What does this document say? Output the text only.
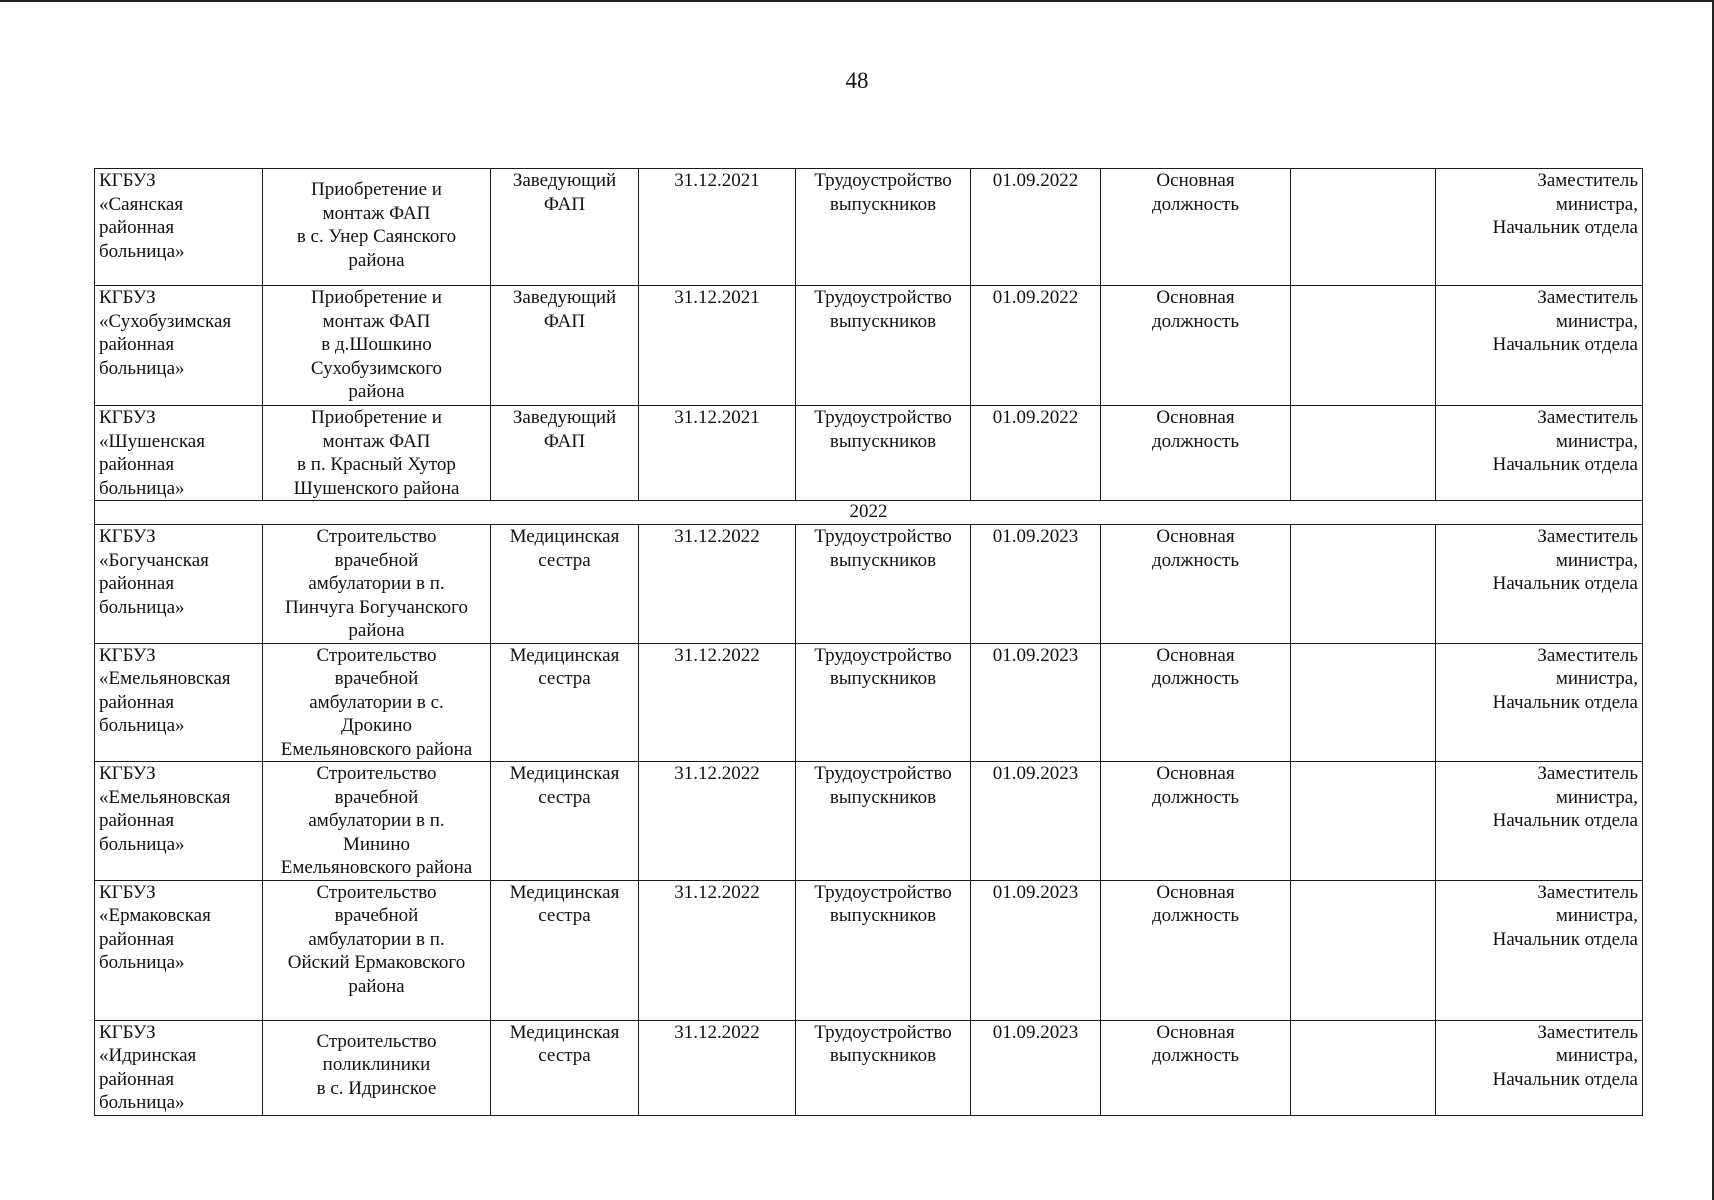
48
КГБУЗ
«Саянская
районная
больница»	Приобретение и
монтаж ФАП
в с. Унер Саянского
района	Заведующий
ФАП	31.12.2021	Трудоустройство
выпускников	01.09.2022	Основная
должность		Заместитель
министра,
Начальник отдела

КГБУЗ
«Сухобузимская
районная
больница»	Приобретение и
монтаж ФАП
в д.Шошкино
Сухобузимского
района	Заведующий
ФАП	31.12.2021	Трудоустройство
выпускников	01.09.2022	Основная
должность		Заместитель
министра,
Начальник отдела

КГБУЗ
«Шушенская
районная
больница»	Приобретение и
монтаж ФАП
в п. Красный Хутор
Шушенского района	Заведующий
ФАП	31.12.2021	Трудоустройство
выпускников	01.09.2022	Основная
должность		Заместитель
министра,
Начальник отдела

2022								

КГБУЗ
«Богучанская
районная
больница»	Строительство
врачебной
амбулатории в п.
Пинчуга Богучанского
района	Медицинская
сестра	31.12.2022	Трудоустройство
выпускников	01.09.2023	Основная
должность		Заместитель
министра,
Начальник отдела

КГБУЗ
«Емельяновская
районная
больница»	Строительство
врачебной
амбулатории в с.
Дрокино
Емельяновского района	Медицинская
сестра	31.12.2022	Трудоустройство
выпускников	01.09.2023	Основная
должность		Заместитель
министра,
Начальник отдела

КГБУЗ
«Емельяновская
районная
больница»	Строительство
врачебной
амбулатории в п.
Минино
Емельяновского района	Медицинская
сестра	31.12.2022	Трудоустройство
выпускников	01.09.2023	Основная
должность		Заместитель
министра,
Начальник отдела

КГБУЗ
«Ермаковская
районная
больница»	Строительство
врачебной
амбулатории в п.
Ойский Ермаковского
района	Медицинская
сестра	31.12.2022	Трудоустройство
выпускников	01.09.2023	Основная
должность		Заместитель
министра,
Начальник отдела

КГБУЗ
«Идринская
районная
больница»	Строительство
поликлиники
в с. Идринское	Медицинская
сестра	31.12.2022	Трудоустройство
выпускников	01.09.2023	Основная
должность		Заместитель
министра,
Начальник отдела
